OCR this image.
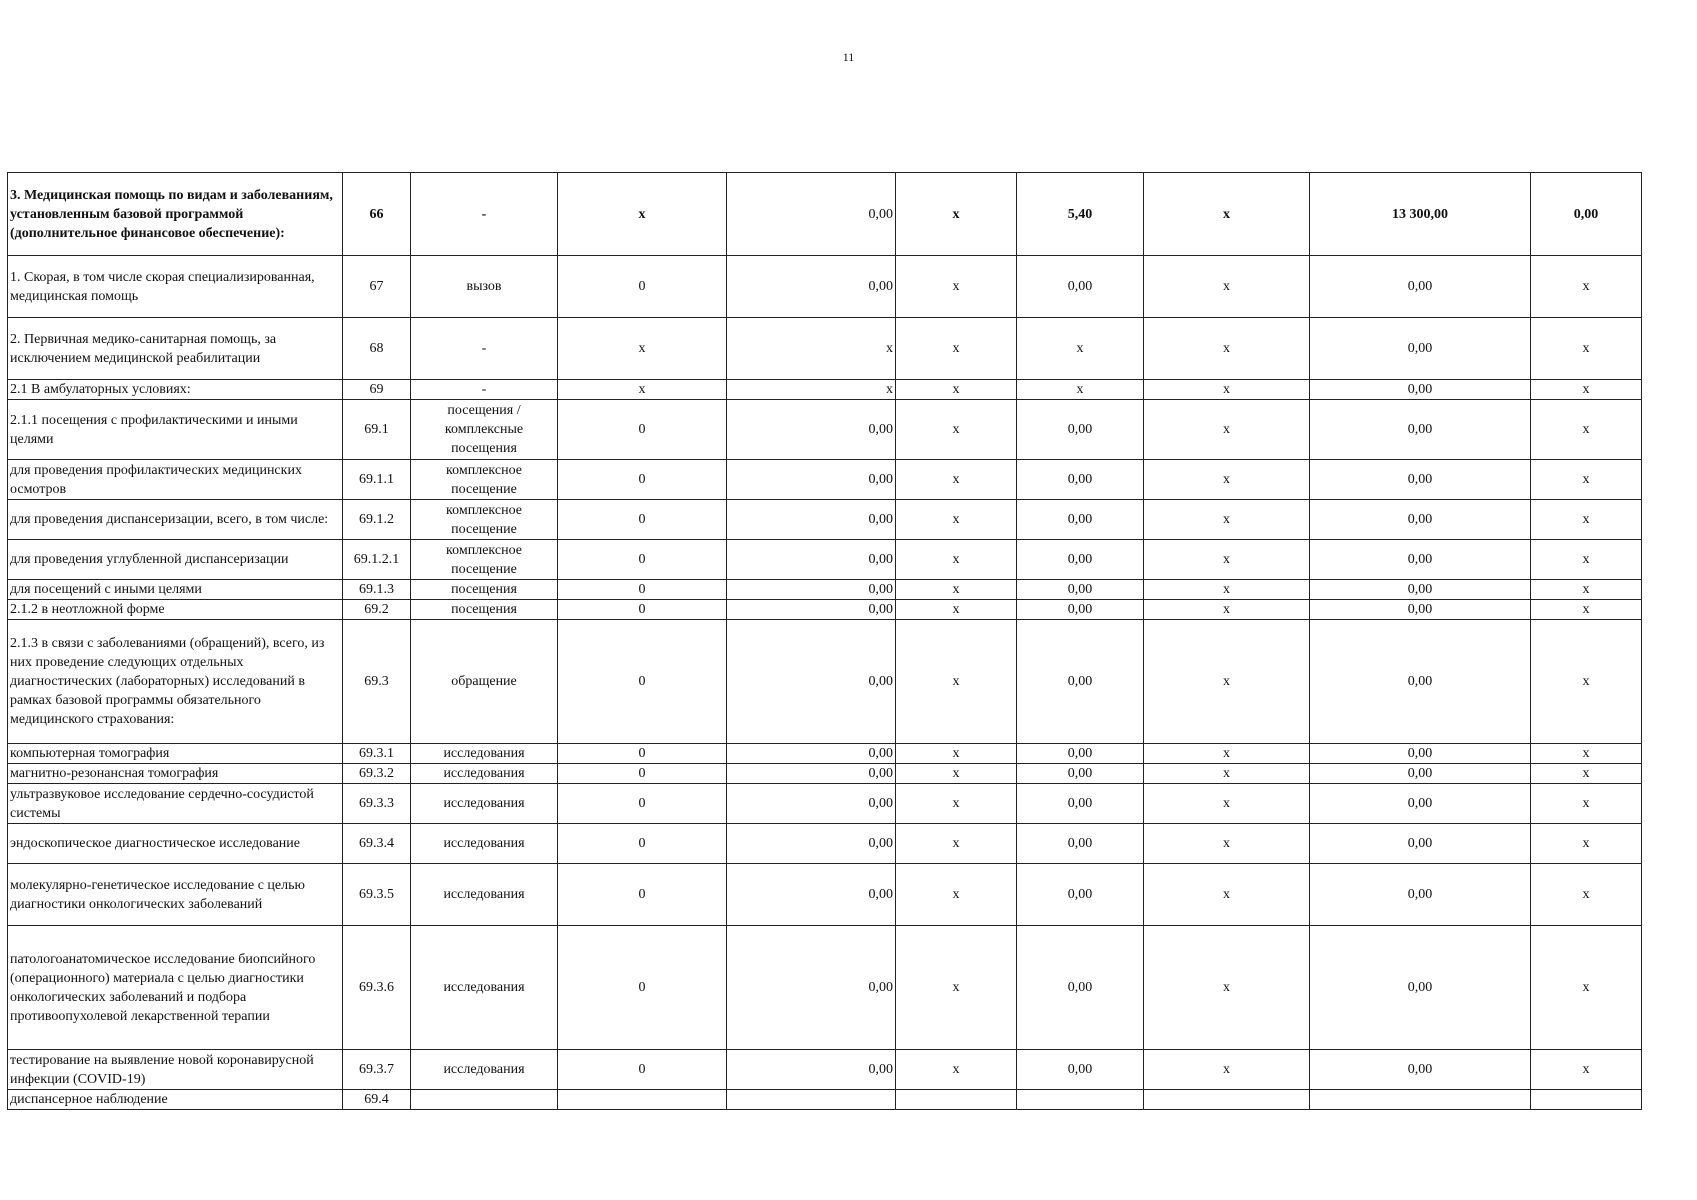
11
3. Медицинская помощь по видам и заболеваниям, установленным базовой программой (дополнительное финансовое обеспечение):	66	-	x	0,00	x	5,40	x	13 300,00	0,00
1. Скорая, в том числе скорая специализированная, медицинская помощь	67	вызов	0	0,00	x	0,00	x	0,00	x
2. Первичная медико-санитарная помощь, за исключением медицинской реабилитации	68	-	x	x	x	x	x	0,00	x
2.1 В амбулаторных условиях:	69	-	x	x	x	x	x	0,00	x
2.1.1 посещения с профилактическими и иными целями	69.1	посещения / комплексные посещения	0	0,00	x	0,00	x	0,00	x
для проведения профилактических медицинских осмотров	69.1.1	комплексное посещение	0	0,00	x	0,00	x	0,00	x
для проведения диспансеризации, всего, в том числе:	69.1.2	комплексное посещение	0	0,00	x	0,00	x	0,00	x
для проведения углубленной диспансеризации	69.1.2.1	комплексное посещение	0	0,00	x	0,00	x	0,00	x
для посещений с иными целями	69.1.3	посещения	0	0,00	x	0,00	x	0,00	x
2.1.2 в неотложной форме	69.2	посещения	0	0,00	x	0,00	x	0,00	x
2.1.3 в связи с заболеваниями (обращений), всего, из них проведение следующих отдельных диагностических (лабораторных) исследований в рамках базовой программы обязательного медицинского страхования:	69.3	обращение	0	0,00	x	0,00	x	0,00	x
компьютерная томография	69.3.1	исследования	0	0,00	x	0,00	x	0,00	x
магнитно-резонансная томография	69.3.2	исследования	0	0,00	x	0,00	x	0,00	x
ультразвуковое исследование сердечно-сосудистой системы	69.3.3	исследования	0	0,00	x	0,00	x	0,00	x
эндоскопическое диагностическое исследование	69.3.4	исследования	0	0,00	x	0,00	x	0,00	x
молекулярно-генетическое исследование с целью диагностики онкологических заболеваний	69.3.5	исследования	0	0,00	x	0,00	x	0,00	x
патологоанатомическое исследование биопсийного (операционного) материала с целью диагностики онкологических заболеваний и подбора противоопухолевой лекарственной терапии	69.3.6	исследования	0	0,00	x	0,00	x	0,00	x
тестирование на выявление новой коронавирусной инфекции (COVID-19)	69.3.7	исследования	0	0,00	x	0,00	x	0,00	x
диспансерное наблюдение	69.4								
